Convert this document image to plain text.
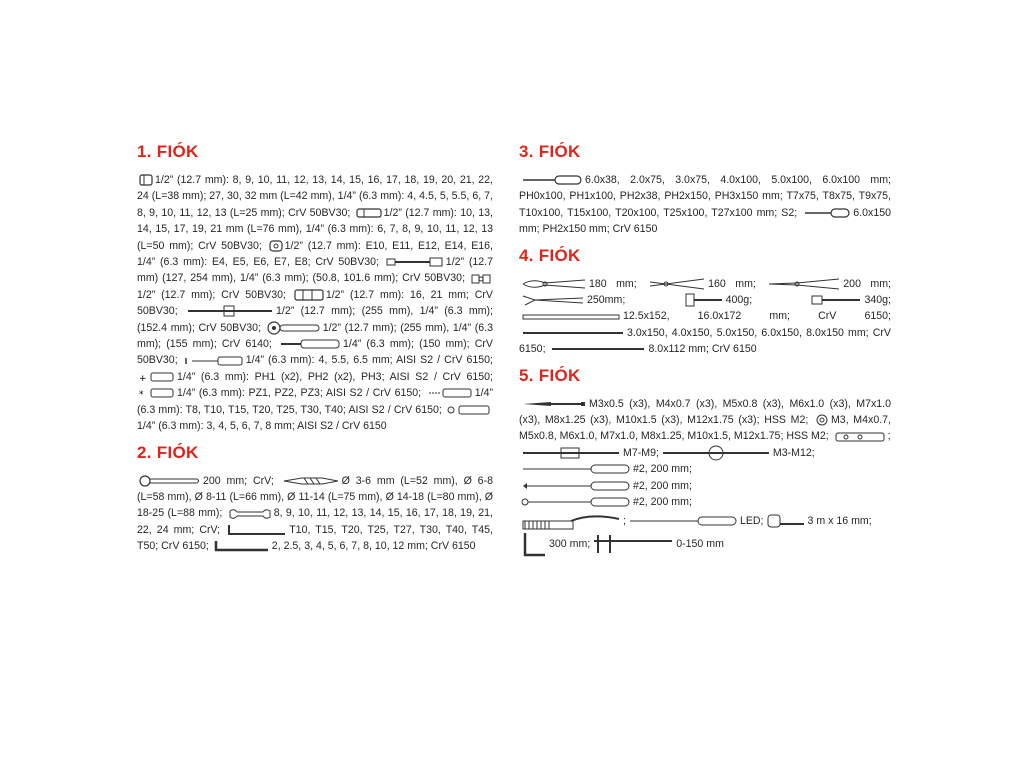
1. FIÓK
1/2” (12.7 mm): 8, 9, 10, 11, 12, 13, 14, 15, 16, 17, 18, 19, 20, 21, 22, 24 (L=38 mm); 27, 30, 32 mm (L=42 mm), 1/4” (6.3 mm): 4, 4.5, 5, 5.5, 6, 7, 8, 9, 10, 11, 12, 13 (L=25 mm); CrV 50BV30;	1/2” (12.7 mm): 10, 13, 14, 15, 17, 19, 21 mm (L=76 mm), 1/4” (6.3 mm): 6, 7, 8, 9, 10, 11, 12, 13 (L=50 mm); CrV 50BV30; 1/2” (12.7 mm): E10, E11, E12, E14, E16, 1/4” (6.3 mm): E4, E5, E6, E7, E8; CrV 50BV30;	1/2” (12.7 mm) (127, 254 mm), 1/4” (6.3 mm); (50.8, 101.6 mm); CrV 50BV30;
1/2” (12.7 mm); CrV 50BV30;	1/2” (12.7 mm): 16, 21 mm; CrV 50BV30;	1/2” (12.7 mm); (255 mm), 1/4” (6.3 mm); (152.4 mm); CrV 50BV30;	1/2” (12.7 mm); (255 mm), 1/4” (6.3 mm); (155 mm); CrV 6140;	1/4” (6.3 mm); (150 mm); CrV 50BV30;	1/4” (6.3 mm): 4, 5.5, 6.5 mm; AISI S2 / CrV 6150;
+	1/4” (6.3 mm): PH1 (x2), PH2 (x2), PH3; AISI S2 / CrV 6150;
*	1/4” (6.3 mm): PZ1, PZ2, PZ3; AISI S2 / CrV 6150;	1/4” (6.3 mm): T8, T10, T15, T20, T25, T30, T40; AISI S2 / CrV 6150;
1/4” (6.3 mm): 3, 4, 5, 6, 7, 8 mm; AISI S2 / CrV 6150
2. FIÓK
200 mm; CrV;	Ø 3-6 mm (L=52 mm), Ø 6-8 (L=58 mm), Ø 8-11 (L=66 mm), Ø 11-14 (L=75 mm), Ø 14-18 (L=80 mm), Ø 18-25 (L=88 mm);	8, 9, 10, 11, 12, 13, 14, 15, 16, 17, 18, 19, 21, 22, 24 mm; CrV;	T10, T15, T20, T25, T27, T30, T40, T45, T50; CrV 6150;	2, 2.5, 3, 4, 5, 6, 7, 8, 10, 12 mm; CrV 6150
3. FIÓK
6.0x38, 2.0x75, 3.0x75, 4.0x100, 5.0x100, 6.0x100 mm; PH0x100, PH1x100, PH2x38, PH2x150, PH3x150 mm; T7x75, T8x75, T9x75, T10x100, T15x100, T20x100, T25x100, T27x100 mm; S2;	6.0x150 mm; PH2x150 mm; CrV 6150
4. FIÓK
180 mm;	160 mm;	200 mm;
250mm;	400g;	340g;
12.5x152, 16.0x172 mm; CrV 6150;
3.0x150, 4.0x150, 5.0x150, 6.0x150, 8.0x150 mm; CrV 6150;	8.0x112 mm; CrV 6150
5. FIÓK
M3x0.5 (x3), M4x0.7 (x3), M5x0.8 (x3), M6x1.0 (x3), M7x1.0 (x3), M8x1.25 (x3), M10x1.5 (x3), M12x1.75 (x3); HSS M2; M3, M4x0.7, M5x0.8, M6x1.0, M7x1.0, M8x1.25, M10x1.5, M12x1.75; HSS M2;	;
M7-M9;	M3-M12;
#2, 200 mm;
#2, 200 mm;
#2, 200 mm;
;	LED;	3 m x 16 mm;
300 mm;	0-150 mm
